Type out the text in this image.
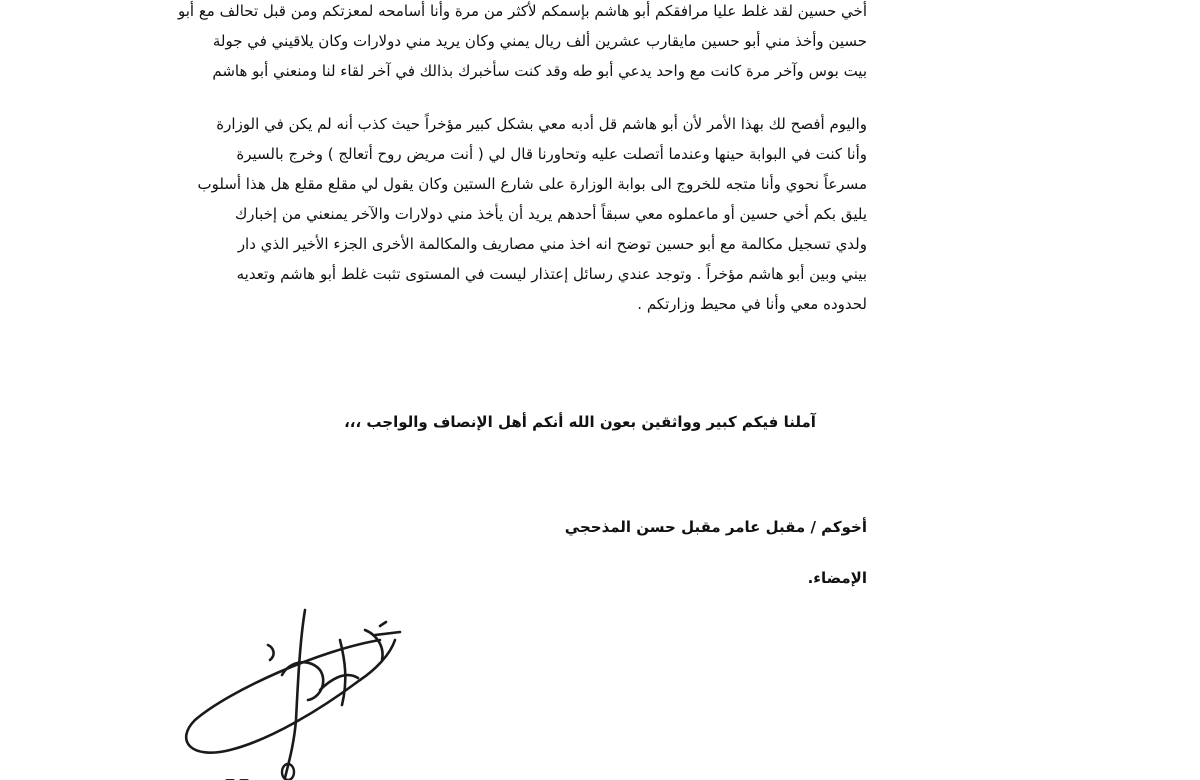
أخي حسين لقد غلط عليا مرافقكم أبو هاشم بإسمكم لأكثر من مرة وأنا أسامحه لمعزتكم ومن قبل تحالف مع أبو
حسين وأخذ مني أبو حسين مايقارب عشرين ألف ريال يمني وكان يريد مني دولارات وكان يلاقيني في جولة
بيت بوس وآخر مرة كانت مع واحد يدعي أبو طه وقد كنت سأخبرك بذالك في آخر لقاء لنا ومنعني أبو هاشم
واليوم أفصح لك بهذا الأمر لأن أبو هاشم قل أدبه معي بشكل كبير مؤخراً حيث كذب أنه لم يكن في الوزارة
وأنا كنت في البوابة حينها وعندما أتصلت عليه وتحاورنا قال لي ( أنت مريض روح أتعالج ) وخرج بالسيرة
مسرعاً نحوي وأنا متجه للخروج الى بوابة الوزارة على شارع الستين وكان يقول لي مقلع مقلع هل هذا أسلوب
يليق بكم أخي حسين أو ماعملوه معي سبقاً أحدهم يريد أن يأخذ مني دولارات والآخر يمنعني من إخبارك
ولدي تسجيل مكالمة مع أبو حسين توضح انه اخذ مني مصاريف والمكالمة الأخرى الجزء الأخير الذي دار
بيني وبين أبو هاشم مؤخراً . وتوجد عندي رسائل إعتذار ليست في المستوى تثبت غلط أبو هاشم وتعديه
لحدوده معي وأنا في محيط وزارتكم .
آملنا فيكم كبير وواثقين بعون الله أنكم أهل الإنصاف والواجب ،،،
أخوكم / مقبل عامر مقبل حسن المذحجي
الإمضاء.
